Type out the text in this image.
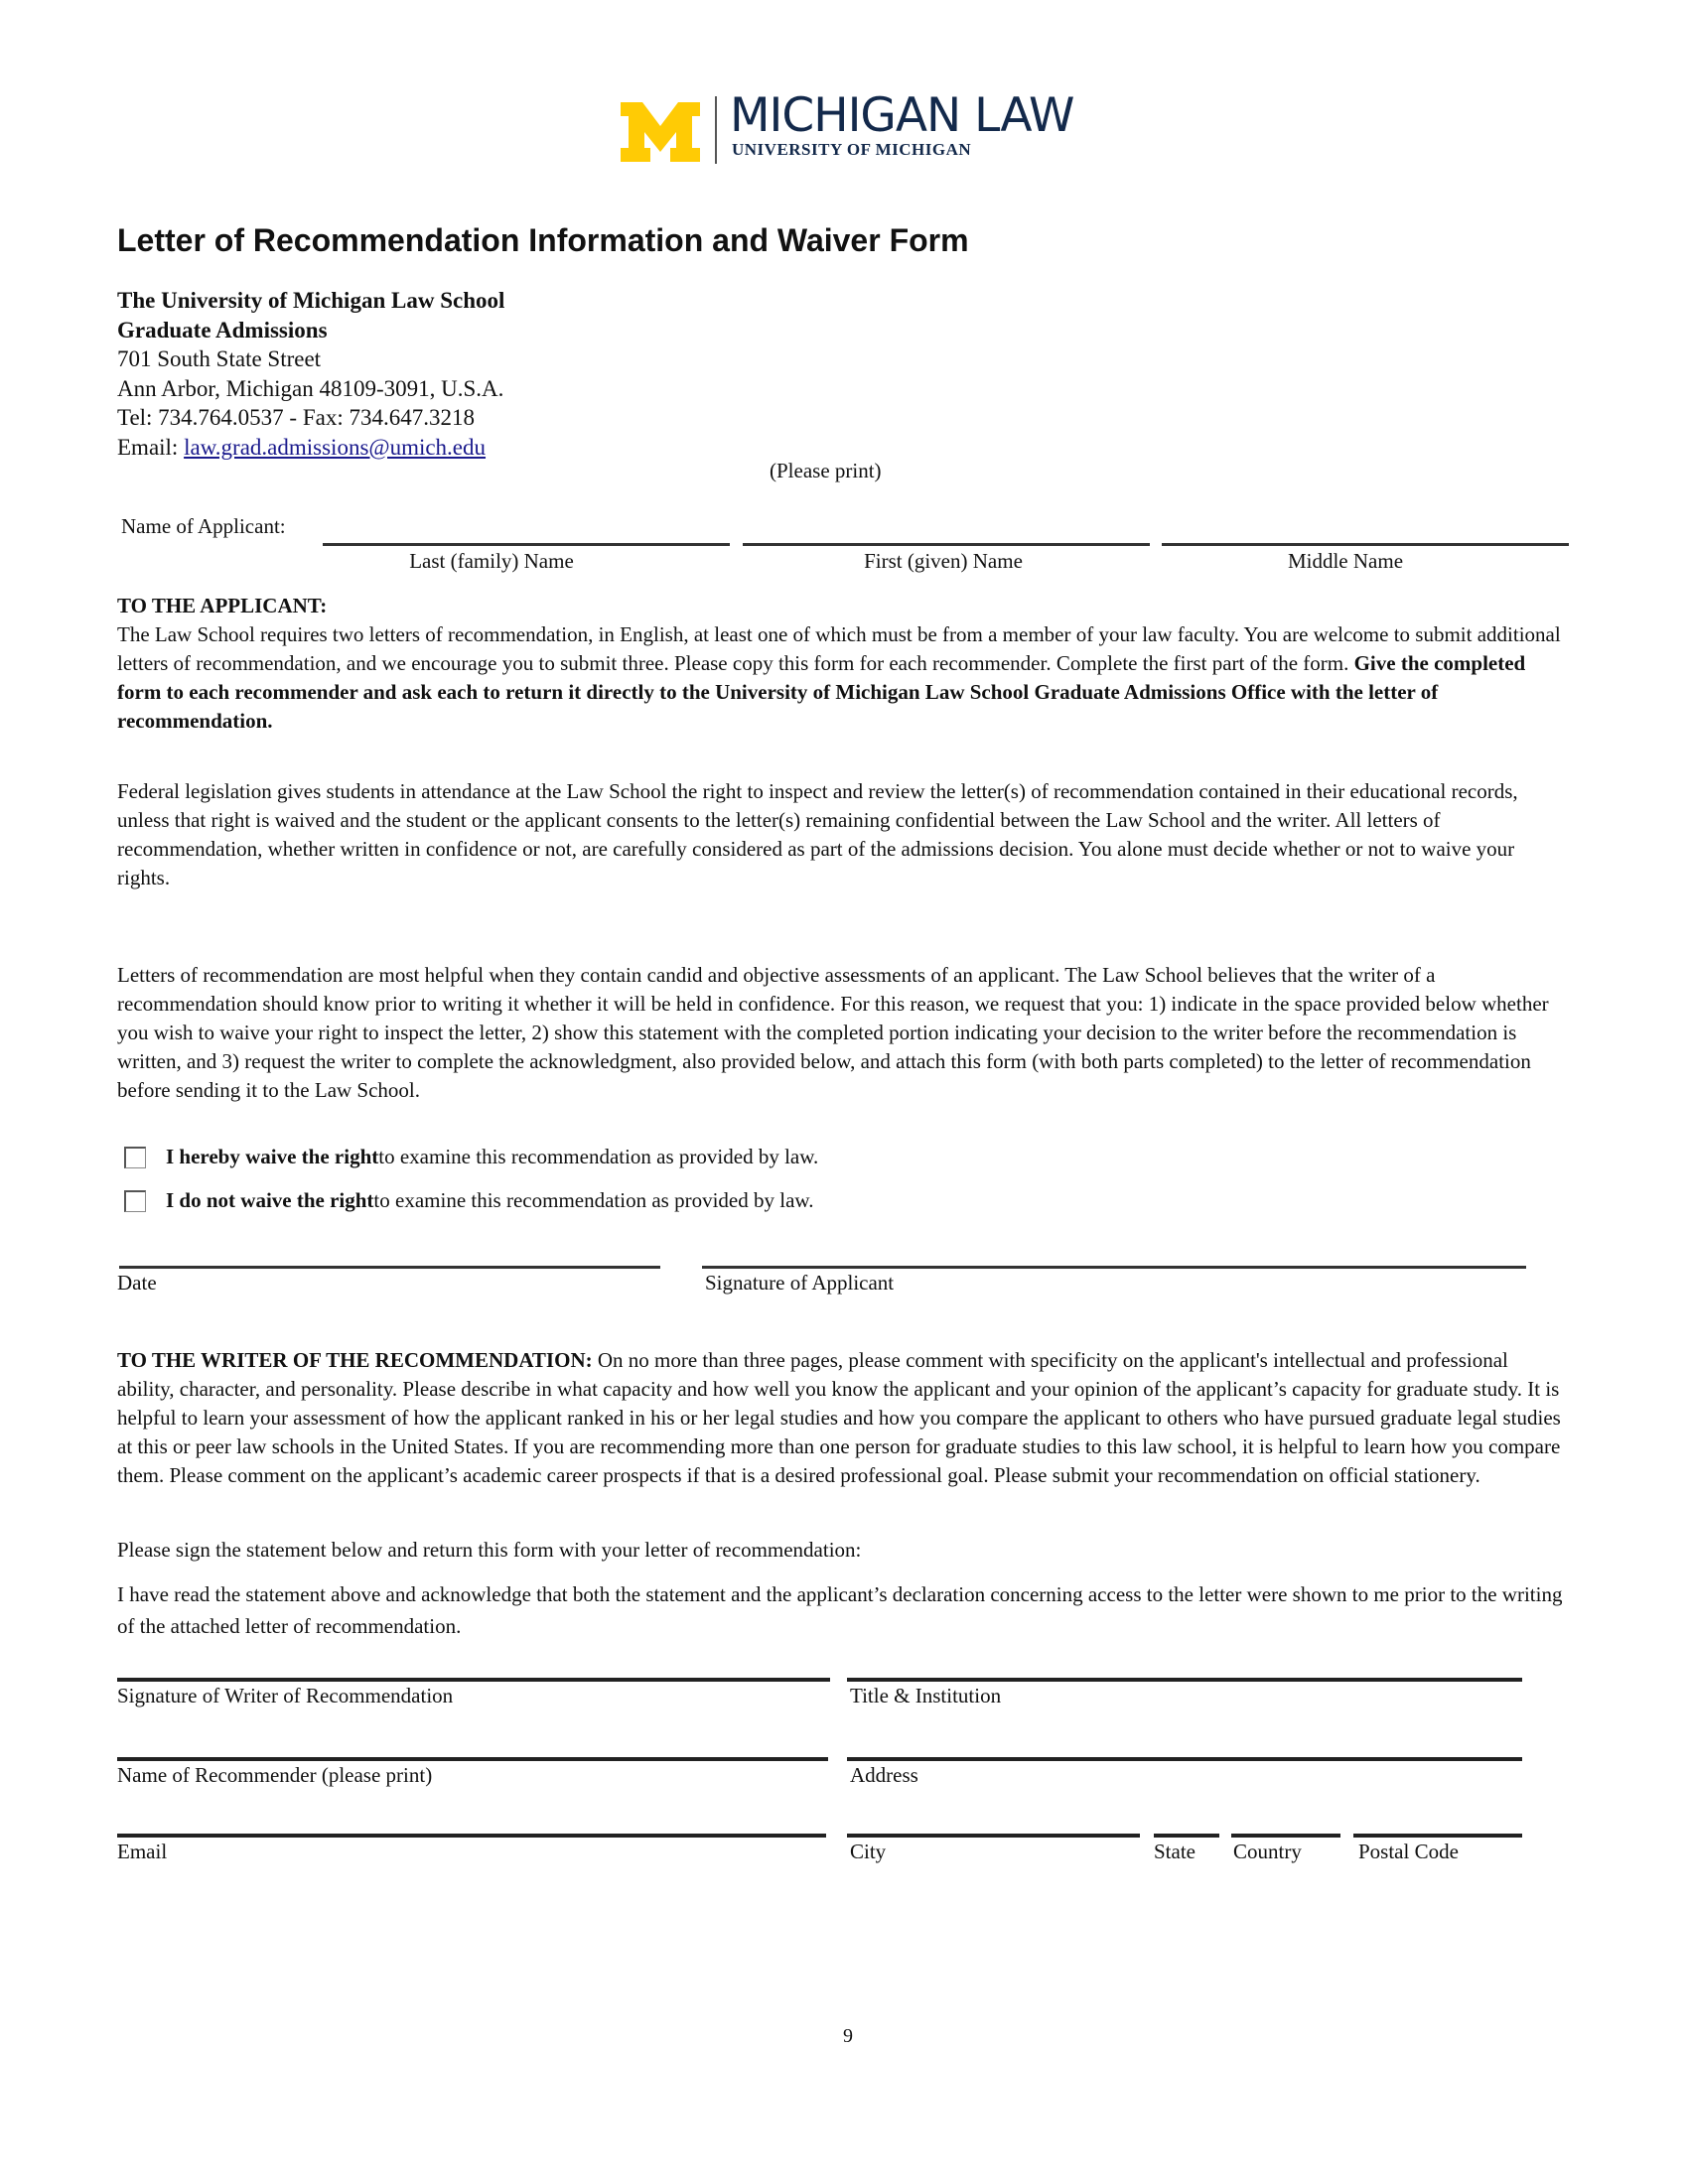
MICHIGAN LAW
UNIVERSITY OF MICHIGAN
Letter of Recommendation Information and Waiver Form
The University of Michigan Law School
Graduate Admissions
701 South State Street
Ann Arbor, Michigan 48109-3091, U.S.A.
Tel: 734.764.0537 - Fax: 734.647.3218
Email: law.grad.admissions@umich.edu
(Please print)
Name of Applicant:
Last (family) Name	First (given) Name	Middle Name
TO THE APPLICANT:
The Law School requires two letters of recommendation, in English, at least one of which must be from a member of your law faculty. You are welcome to submit additional letters of recommendation, and we encourage you to submit three. Please copy this form for each recommender. Complete the first part of the form. Give the completed form to each recommender and ask each to return it directly to the University of Michigan Law School Graduate Admissions Office with the letter of recommendation.
Federal legislation gives students in attendance at the Law School the right to inspect and review the letter(s) of recommendation contained in their educational records, unless that right is waived and the student or the applicant consents to the letter(s) remaining confidential between the Law School and the writer. All letters of recommendation, whether written in confidence or not, are carefully considered as part of the admissions decision. You alone must decide whether or not to waive your rights.
Letters of recommendation are most helpful when they contain candid and objective assessments of an applicant. The Law School believes that the writer of a recommendation should know prior to writing it whether it will be held in confidence. For this reason, we request that you: 1) indicate in the space provided below whether you wish to waive your right to inspect the letter, 2) show this statement with the completed portion indicating your decision to the writer before the recommendation is written, and 3) request the writer to complete the acknowledgment, also provided below, and attach this form (with both parts completed) to the letter of recommendation before sending it to the Law School.
I hereby waive the right to examine this recommendation as provided by law.
I do not waive the right to examine this recommendation as provided by law.
Date	Signature of Applicant
TO THE WRITER OF THE RECOMMENDATION: On no more than three pages, please comment with specificity on the applicant's intellectual and professional ability, character, and personality. Please describe in what capacity and how well you know the applicant and your opinion of the applicant’s capacity for graduate study. It is helpful to learn your assessment of how the applicant ranked in his or her legal studies and how you compare the applicant to others who have pursued graduate legal studies at this or peer law schools in the United States. If you are recommending more than one person for graduate studies to this law school, it is helpful to learn how you compare them. Please comment on the applicant’s academic career prospects if that is a desired professional goal. Please submit your recommendation on official stationery.
Please sign the statement below and return this form with your letter of recommendation:
I have read the statement above and acknowledge that both the statement and the applicant’s declaration concerning access to the letter were shown to me prior to the writing of the attached letter of recommendation.
Signature of Writer of Recommendation	Title & Institution
Name of Recommender (please print)	Address
Email	City	State Country	Postal Code
9
